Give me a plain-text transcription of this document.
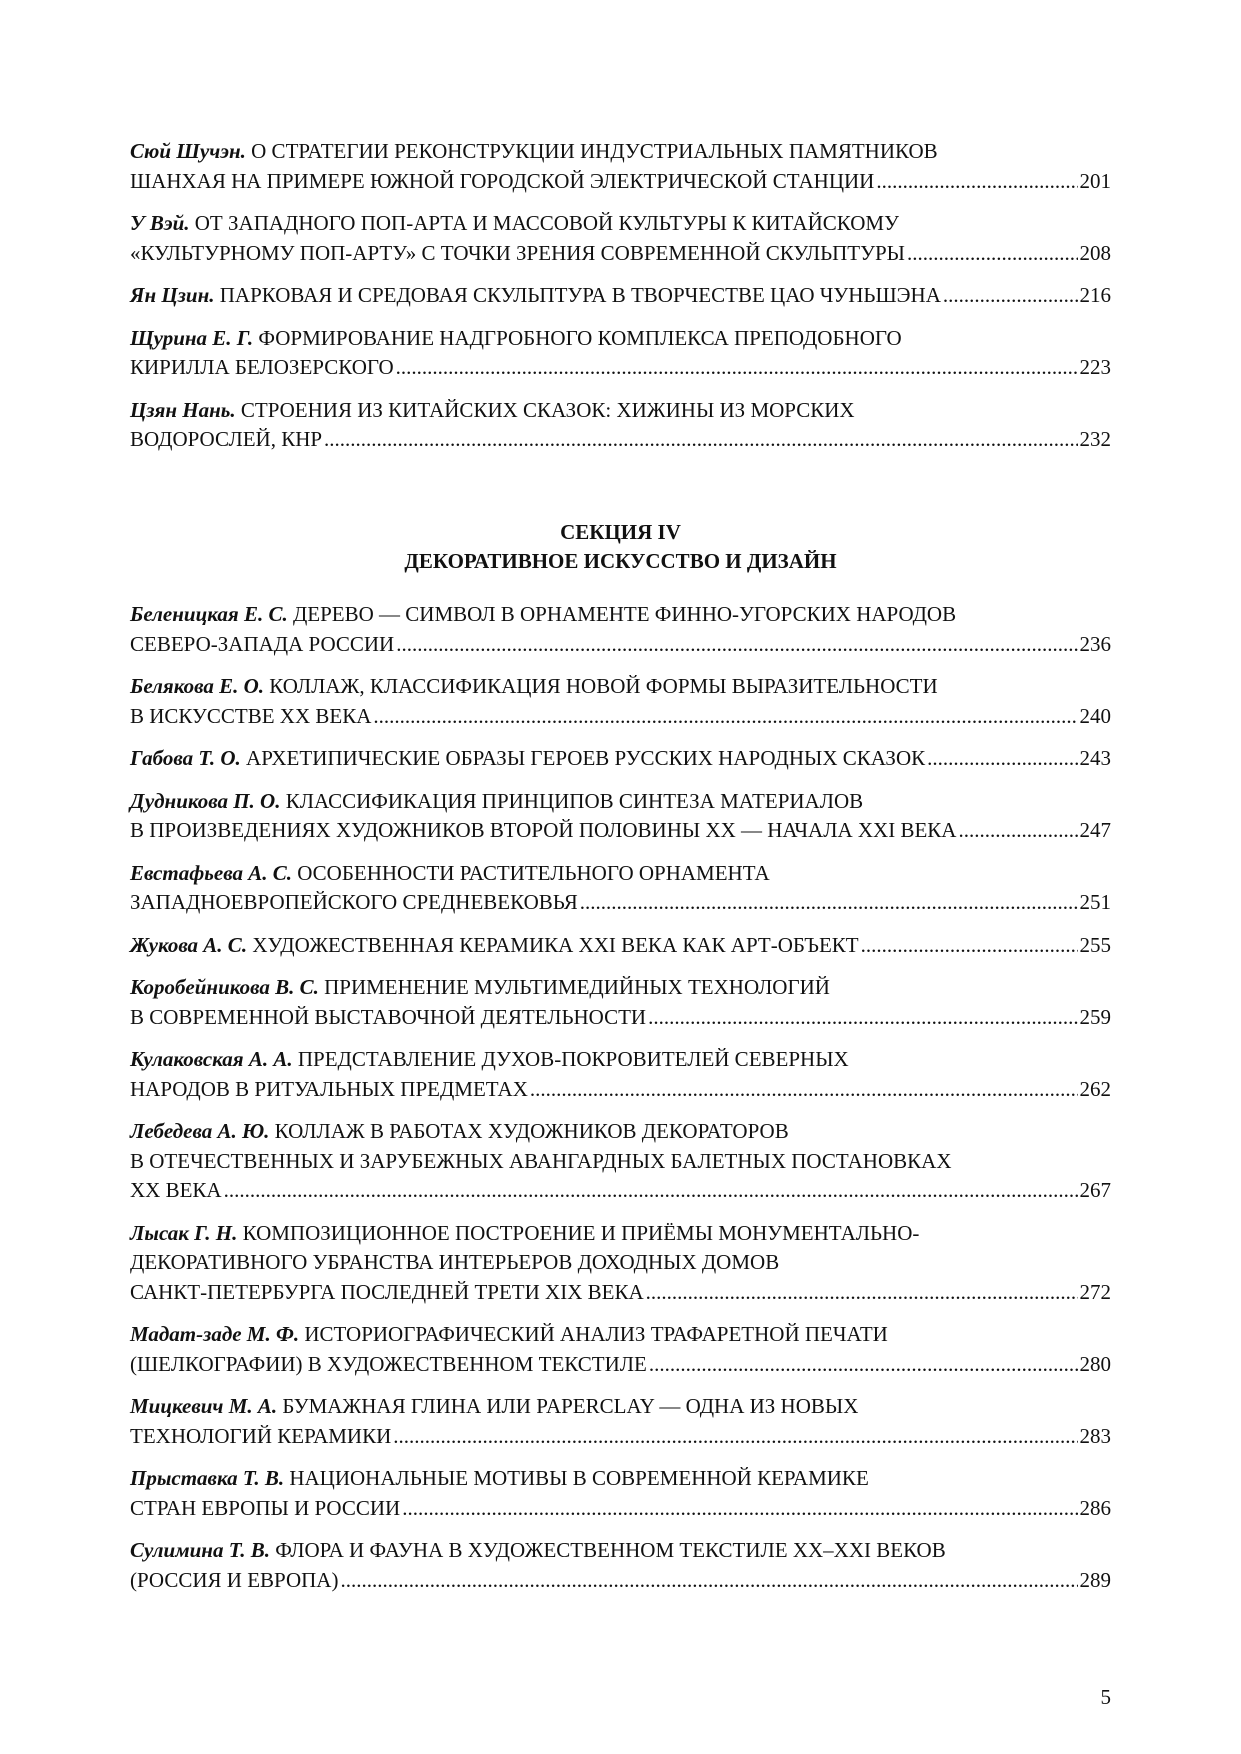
Сюй Шучэн. О СТРАТЕГИИ РЕКОНСТРУКЦИИ ИНДУСТРИАЛЬНЫХ ПАМЯТНИКОВ
ШАНХАЯ НА ПРИМЕРЕ ЮЖНОЙ ГОРОДСКОЙ ЭЛЕКТРИЧЕСКОЙ СТАНЦИИ .....	201
У Вэй. ОТ ЗАПАДНОГО ПОП-АРТА И МАССОВОЙ КУЛЬТУРЫ К КИТАЙСКОМУ
«КУЛЬТУРНОМУ ПОП-АРТУ» С ТОЧКИ ЗРЕНИЯ СОВРЕМЕННОЙ СКУЛЬПТУРЫ .....	208
Ян Цзин. ПАРКОВАЯ И СРЕДОВАЯ СКУЛЬПТУРА В ТВОРЧЕСТВЕ ЦАО ЧУНЬШЭНА .....	216
Щурина Е. Г. ФОРМИРОВАНИЕ НАДГРОБНОГО КОМПЛЕКСА ПРЕПОДОБНОГО
КИРИЛЛА БЕЛОЗЕРСКОГО .....	223
Цзян Нань. СТРОЕНИЯ ИЗ КИТАЙСКИХ СКАЗОК: ХИЖИНЫ ИЗ МОРСКИХ
ВОДОРОСЛЕЙ, КНР .....	232
СЕКЦИЯ IV
ДЕКОРАТИВНОЕ ИСКУССТВО И ДИЗАЙН
Беленицкая Е. С. ДЕРЕВО — СИМВОЛ В ОРНАМЕНТЕ ФИННО-УГОРСКИХ НАРОДОВ
СЕВЕРО-ЗАПАДА РОССИИ .....	236
Белякова Е. О. КОЛЛАЖ, КЛАССИФИКАЦИЯ НОВОЙ ФОРМЫ ВЫРАЗИТЕЛЬНОСТИ
В ИСКУССТВЕ XX ВЕКА .....	240
Габова Т. О. АРХЕТИПИЧЕСКИЕ ОБРАЗЫ ГЕРОЕВ РУССКИХ НАРОДНЫХ СКАЗОК .....	243
Дудникова П. О. КЛАССИФИКАЦИЯ ПРИНЦИПОВ СИНТЕЗА МАТЕРИАЛОВ
В ПРОИЗВЕДЕНИЯХ ХУДОЖНИКОВ ВТОРОЙ ПОЛОВИНЫ XX — НАЧАЛА XXI ВЕКА .....	247
Евстафьева А. С. ОСОБЕННОСТИ РАСТИТЕЛЬНОГО ОРНАМЕНТА
ЗАПАДНОЕВРОПЕЙСКОГО СРЕДНЕВЕКОВЬЯ .....	251
Жукова А. С. ХУДОЖЕСТВЕННАЯ КЕРАМИКА XXI ВЕКА КАК АРТ-ОБЪЕКТ .....	255
Коробейникова В. С. ПРИМЕНЕНИЕ МУЛЬТИМЕДИЙНЫХ ТЕХНОЛОГИЙ
В СОВРЕМЕННОЙ ВЫСТАВОЧНОЙ ДЕЯТЕЛЬНОСТИ .....	259
Кулаковская А. А. ПРЕДСТАВЛЕНИЕ ДУХОВ-ПОКРОВИТЕЛЕЙ СЕВЕРНЫХ
НАРОДОВ В РИТУАЛЬНЫХ ПРЕДМЕТАХ .....	262
Лебедева А. Ю. КОЛЛАЖ В РАБОТАХ ХУДОЖНИКОВ ДЕКОРАТОРОВ
В ОТЕЧЕСТВЕННЫХ И ЗАРУБЕЖНЫХ АВАНГАРДНЫХ БАЛЕТНЫХ ПОСТАНОВКАХ
XX ВЕКА .....	267
Лысак Г. Н. КОМПОЗИЦИОННОЕ ПОСТРОЕНИЕ И ПРИЁМЫ МОНУМЕНТАЛЬНО-
ДЕКОРАТИВНОГО УБРАНСТВА ИНТЕРЬЕРОВ ДОХОДНЫХ ДОМОВ
САНКТ-ПЕТЕРБУРГА ПОСЛЕДНЕЙ ТРЕТИ XIX ВЕКА .....	272
Мадат-заде М. Ф. ИСТОРИОГРАФИЧЕСКИЙ АНАЛИЗ ТРАФАРЕТНОЙ ПЕЧАТИ
(ШЕЛКОГРАФИИ) В ХУДОЖЕСТВЕННОМ ТЕКСТИЛЕ .....	280
Мицкевич М. А. БУМАЖНАЯ ГЛИНА ИЛИ PAPERCLAY — ОДНА ИЗ НОВЫХ
ТЕХНОЛОГИЙ КЕРАМИКИ .....	283
Прыставка Т. В. НАЦИОНАЛЬНЫЕ МОТИВЫ В СОВРЕМЕННОЙ КЕРАМИКЕ
СТРАН ЕВРОПЫ И РОССИИ .....	286
Сулимина Т. В. ФЛОРА И ФАУНА В ХУДОЖЕСТВЕННОМ ТЕКСТИЛЕ XX–XXI ВЕКОВ
(РОССИЯ И ЕВРОПА) .....	289
5
